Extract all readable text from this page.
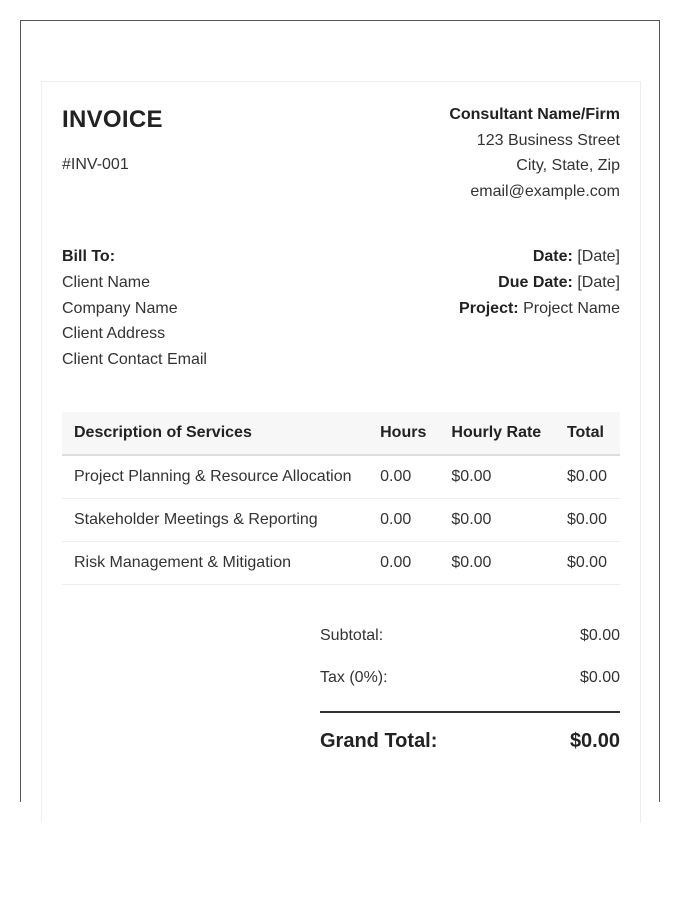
INVOICE
#INV-001
Consultant Name/Firm
123 Business Street
City, State, Zip
email@example.com
Bill To:
Client Name
Company Name
Client Address
Client Contact Email
Date: [Date]
Due Date: [Date]
Project: Project Name
Description of Services	Hours	Hourly Rate	Total
Project Planning & Resource Allocation	0.00	$0.00	$0.00
Stakeholder Meetings & Reporting	0.00	$0.00	$0.00
Risk Management & Mitigation	0.00	$0.00	$0.00
Subtotal:	$0.00
Tax (0%):	$0.00
Grand Total:	$0.00
